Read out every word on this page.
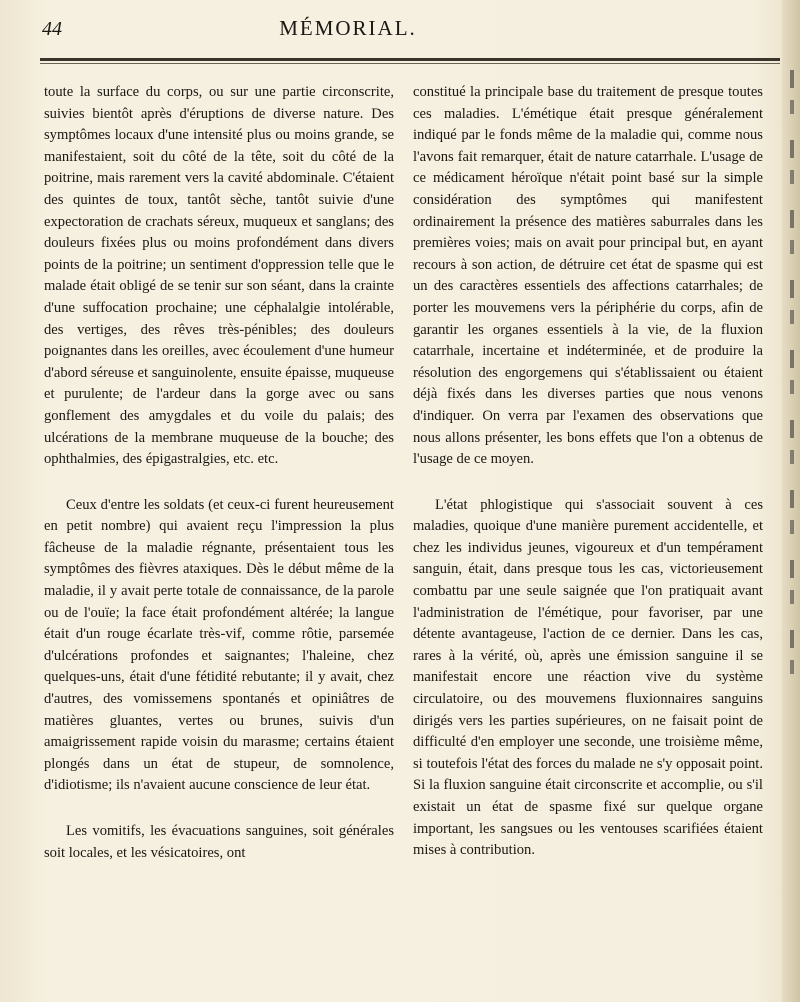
44	MÉMORIAL.

toute la surface du corps, ou sur une partie circonscrite, suivies bientôt après d'éruptions de diverse nature. Des symptômes locaux d'une intensité plus ou moins grande, se manifestaient, soit du côté de la tête, soit du côté de la poitrine, mais rarement vers la cavité abdominale. C'étaient des quintes de toux, tantôt sèche, tantôt suivie d'une expectoration de crachats séreux, muqueux et sanglans; des douleurs fixées plus ou moins profondément dans divers points de la poitrine; un sentiment d'oppression telle que le malade était obligé de se tenir sur son séant, dans la crainte d'une suffocation prochaine; une céphalalgie intolérable, des vertiges, des rêves très-pénibles; des douleurs poignantes dans les oreilles, avec écoulement d'une humeur d'abord séreuse et sanguinolente, ensuite épaisse, muqueuse et purulente; de l'ardeur dans la gorge avec ou sans gonflement des amygdales et du voile du palais; des ulcérations de la membrane muqueuse de la bouche; des ophthalmies, des épigastralgies, etc. etc.

Ceux d'entre les soldats (et ceux-ci furent heureusement en petit nombre) qui avaient reçu l'impression la plus fâcheuse de la maladie régnante, présentaient tous les symptômes des fièvres ataxiques. Dès le début même de la maladie, il y avait perte totale de connaissance, de la parole ou de l'ouïe; la face était profondément altérée; la langue était d'un rouge écarlate très-vif, comme rôtie, parsemée d'ulcérations profondes et saignantes; l'haleine, chez quelques-uns, était d'une fétidité rebutante; il y avait, chez d'autres, des vomissemens spontanés et opiniâtres de matières gluantes, vertes ou brunes, suivis d'un amaigrissement rapide voisin du marasme; certains étaient plongés dans un état de stupeur, de somnolence, d'idiotisme; ils n'avaient aucune conscience de leur état.

Les vomitifs, les évacuations sanguines, soit générales soit locales, et les vésicatoires, ont

constitué la principale base du traitement de presque toutes ces maladies. L'émétique était presque généralement indiqué par le fonds même de la maladie qui, comme nous l'avons fait remarquer, était de nature catarrhale. L'usage de ce médicament héroïque n'était point basé sur la simple considération des symptômes qui manifestent ordinairement la présence des matières saburrales dans les premières voies; mais on avait pour principal but, en ayant recours à son action, de détruire cet état de spasme qui est un des caractères essentiels des affections catarrhales; de porter les mouvemens vers la périphérie du corps, afin de garantir les organes essentiels à la vie, de la fluxion catarrhale, incertaine et indéterminée, et de produire la résolution des engorgemens qui s'établissaient ou étaient déjà fixés dans les diverses parties que nous venons d'indiquer. On verra par l'examen des observations que nous allons présenter, les bons effets que l'on a obtenus de l'usage de ce moyen.

L'état phlogistique qui s'associait souvent à ces maladies, quoique d'une manière purement accidentelle, et chez les individus jeunes, vigoureux et d'un tempérament sanguin, était, dans presque tous les cas, victorieusement combattu par une seule saignée que l'on pratiquait avant l'administration de l'émétique, pour favoriser, par une détente avantageuse, l'action de ce dernier. Dans les cas, rares à la vérité, où, après une émission sanguine il se manifestait encore une réaction vive du système circulatoire, ou des mouvemens fluxionnaires sanguins dirigés vers les parties supérieures, on ne faisait point de difficulté d'en employer une seconde, une troisième même, si toutefois l'état des forces du malade ne s'y opposait point. Si la fluxion sanguine était circonscrite et accomplie, ou s'il existait un état de spasme fixé sur quelque organe important, les sangsues ou les ventouses scarifiées étaient mises à contribution.
